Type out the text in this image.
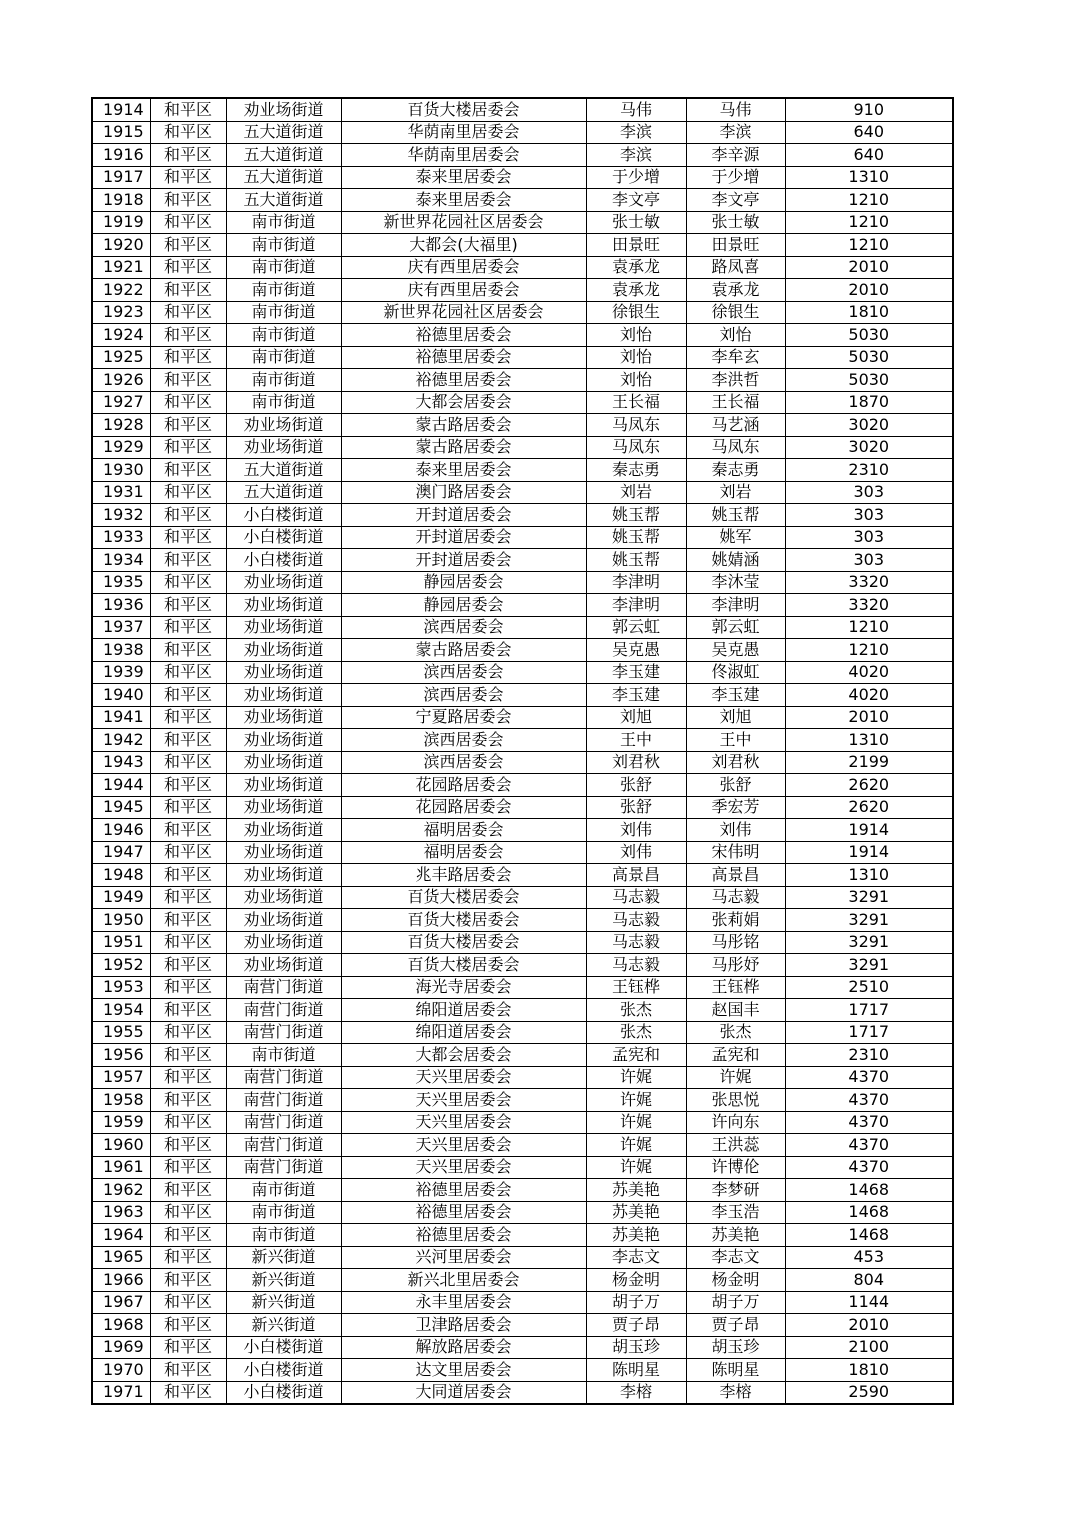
1914	和平区	劝业场街道	百货大楼居委会	马伟	马伟	910
1915	和平区	五大道街道	华荫南里居委会	李滨	李滨	640
1916	和平区	五大道街道	华荫南里居委会	李滨	李辛源	640
1917	和平区	五大道街道	泰来里居委会	于少增	于少增	1310
1918	和平区	五大道街道	泰来里居委会	李文亭	李文亭	1210
1919	和平区	南市街道	新世界花园社区居委会	张士敏	张士敏	1210
1920	和平区	南市街道	大都会(大福里)	田景旺	田景旺	1210
1921	和平区	南市街道	庆有西里居委会	袁承龙	路凤喜	2010
1922	和平区	南市街道	庆有西里居委会	袁承龙	袁承龙	2010
1923	和平区	南市街道	新世界花园社区居委会	徐银生	徐银生	1810
1924	和平区	南市街道	裕德里居委会	刘怡	刘怡	5030
1925	和平区	南市街道	裕德里居委会	刘怡	李牟玄	5030
1926	和平区	南市街道	裕德里居委会	刘怡	李洪哲	5030
1927	和平区	南市街道	大都会居委会	王长福	王长福	1870
1928	和平区	劝业场街道	蒙古路居委会	马凤东	马艺涵	3020
1929	和平区	劝业场街道	蒙古路居委会	马凤东	马凤东	3020
1930	和平区	五大道街道	泰来里居委会	秦志勇	秦志勇	2310
1931	和平区	五大道街道	澳门路居委会	刘岩	刘岩	303
1932	和平区	小白楼街道	开封道居委会	姚玉帮	姚玉帮	303
1933	和平区	小白楼街道	开封道居委会	姚玉帮	姚军	303
1934	和平区	小白楼街道	开封道居委会	姚玉帮	姚婧涵	303
1935	和平区	劝业场街道	静园居委会	李津明	李沐莹	3320
1936	和平区	劝业场街道	静园居委会	李津明	李津明	3320
1937	和平区	劝业场街道	滨西居委会	郭云虹	郭云虹	1210
1938	和平区	劝业场街道	蒙古路居委会	吴克愚	吴克愚	1210
1939	和平区	劝业场街道	滨西居委会	李玉建	佟淑虹	4020
1940	和平区	劝业场街道	滨西居委会	李玉建	李玉建	4020
1941	和平区	劝业场街道	宁夏路居委会	刘旭	刘旭	2010
1942	和平区	劝业场街道	滨西居委会	王中	王中	1310
1943	和平区	劝业场街道	滨西居委会	刘君秋	刘君秋	2199
1944	和平区	劝业场街道	花园路居委会	张舒	张舒	2620
1945	和平区	劝业场街道	花园路居委会	张舒	季宏芳	2620
1946	和平区	劝业场街道	福明居委会	刘伟	刘伟	1914
1947	和平区	劝业场街道	福明居委会	刘伟	宋伟明	1914
1948	和平区	劝业场街道	兆丰路居委会	高景昌	高景昌	1310
1949	和平区	劝业场街道	百货大楼居委会	马志毅	马志毅	3291
1950	和平区	劝业场街道	百货大楼居委会	马志毅	张莉娟	3291
1951	和平区	劝业场街道	百货大楼居委会	马志毅	马彤铭	3291
1952	和平区	劝业场街道	百货大楼居委会	马志毅	马彤妤	3291
1953	和平区	南营门街道	海光寺居委会	王钰桦	王钰桦	2510
1954	和平区	南营门街道	绵阳道居委会	张杰	赵国丰	1717
1955	和平区	南营门街道	绵阳道居委会	张杰	张杰	1717
1956	和平区	南市街道	大都会居委会	孟宪和	孟宪和	2310
1957	和平区	南营门街道	天兴里居委会	许娓	许娓	4370
1958	和平区	南营门街道	天兴里居委会	许娓	张思悦	4370
1959	和平区	南营门街道	天兴里居委会	许娓	许向东	4370
1960	和平区	南营门街道	天兴里居委会	许娓	王洪蕊	4370
1961	和平区	南营门街道	天兴里居委会	许娓	许博伦	4370
1962	和平区	南市街道	裕德里居委会	苏美艳	李梦研	1468
1963	和平区	南市街道	裕德里居委会	苏美艳	李玉浩	1468
1964	和平区	南市街道	裕德里居委会	苏美艳	苏美艳	1468
1965	和平区	新兴街道	兴河里居委会	李志文	李志文	453
1966	和平区	新兴街道	新兴北里居委会	杨金明	杨金明	804
1967	和平区	新兴街道	永丰里居委会	胡子万	胡子万	1144
1968	和平区	新兴街道	卫津路居委会	贾子昂	贾子昂	2010
1969	和平区	小白楼街道	解放路居委会	胡玉珍	胡玉珍	2100
1970	和平区	小白楼街道	达文里居委会	陈明星	陈明星	1810
1971	和平区	小白楼街道	大同道居委会	李榕	李榕	2590
